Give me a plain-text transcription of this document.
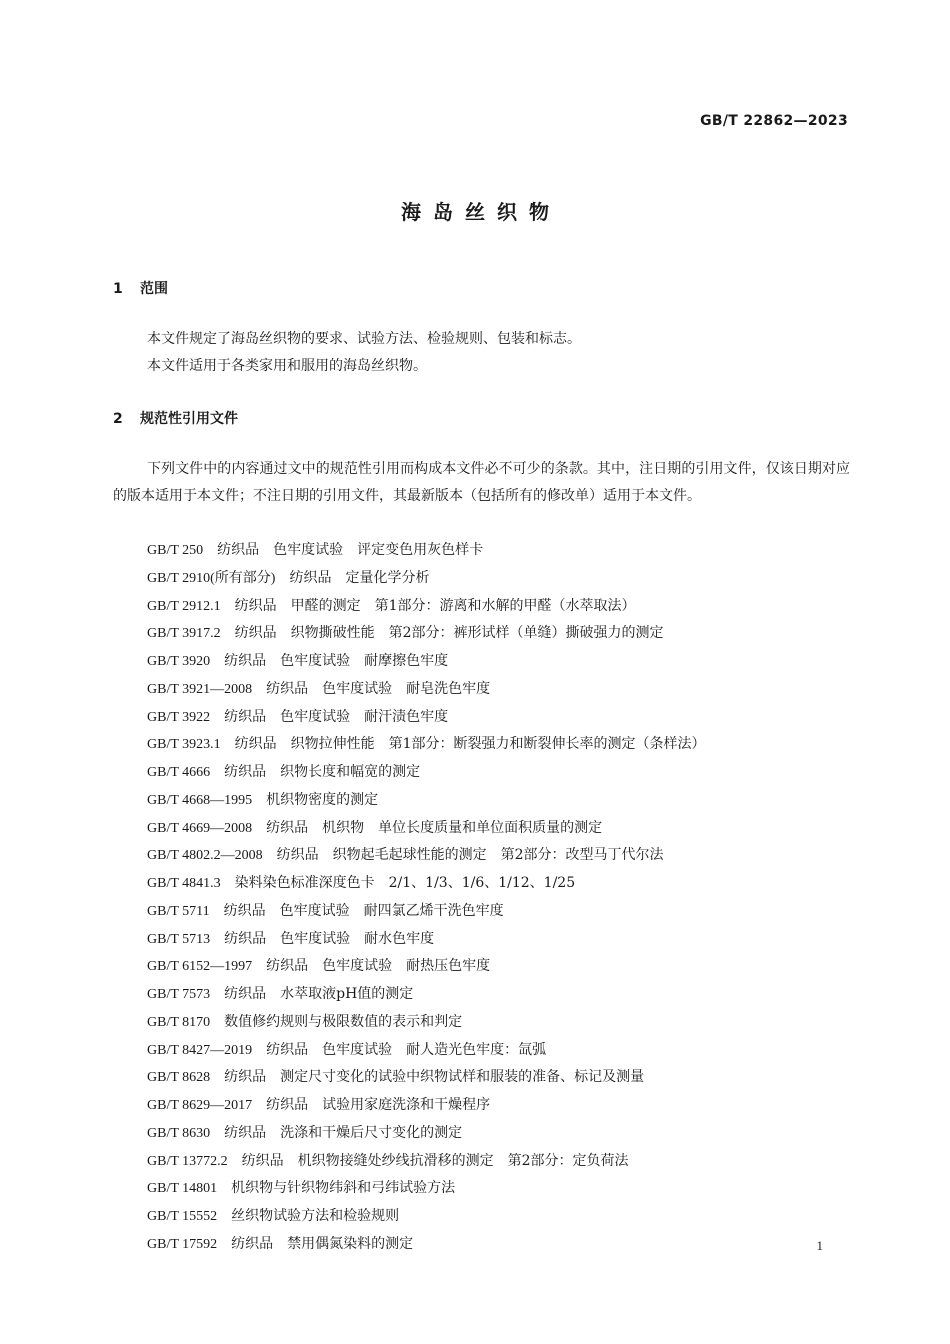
GB/T 22862—2023
海岛丝织物
1 范围

本文件规定了海岛丝织物的要求、试验方法、检验规则、包装和标志。

本文件适用于各类家用和服用的海岛丝织物。

2 规范性引用文件

下列文件中的内容通过文中的规范性引用而构成本文件必不可少的条款。其中，注日期的引用文件，仅该日期对应的版本适用于本文件；不注日期的引用文件，其最新版本（包括所有的修改单）适用于本文件。

GB/T 250 纺织品　色牢度试验　评定变色用灰色样卡
GB/T 2910(所有部分) 纺织品　定量化学分析
GB/T 2912.1 纺织品　甲醛的测定　第1部分：游离和水解的甲醛（水萃取法）
GB/T 3917.2 纺织品　织物撕破性能　第2部分：裤形试样（单缝）撕破强力的测定
GB/T 3920 纺织品　色牢度试验　耐摩擦色牢度
GB/T 3921—2008 纺织品　色牢度试验　耐皂洗色牢度
GB/T 3922 纺织品　色牢度试验　耐汗渍色牢度
GB/T 3923.1 纺织品　织物拉伸性能　第1部分：断裂强力和断裂伸长率的测定（条样法）
GB/T 4666 纺织品　织物长度和幅宽的测定
GB/T 4668—1995 机织物密度的测定
GB/T 4669—2008 纺织品　机织物　单位长度质量和单位面积质量的测定
GB/T 4802.2—2008 纺织品　织物起毛起球性能的测定　第2部分：改型马丁代尔法
GB/T 4841.3 染料染色标准深度色卡　2/1、1/3、1/6、1/12、1/25
GB/T 5711 纺织品　色牢度试验　耐四氯乙烯干洗色牢度
GB/T 5713 纺织品　色牢度试验　耐水色牢度
GB/T 6152—1997 纺织品　色牢度试验　耐热压色牢度
GB/T 7573 纺织品　水萃取液pH值的测定
GB/T 8170 数值修约规则与极限数值的表示和判定
GB/T 8427—2019 纺织品　色牢度试验　耐人造光色牢度：氙弧
GB/T 8628 纺织品　测定尺寸变化的试验中织物试样和服装的准备、标记及测量
GB/T 8629—2017 纺织品　试验用家庭洗涤和干燥程序
GB/T 8630 纺织品　洗涤和干燥后尺寸变化的测定
GB/T 13772.2 纺织品　机织物接缝处纱线抗滑移的测定　第2部分：定负荷法
GB/T 14801 机织物与针织物纬斜和弓纬试验方法
GB/T 15552 丝织物试验方法和检验规则
GB/T 17592 纺织品　禁用偶氮染料的测定	1
